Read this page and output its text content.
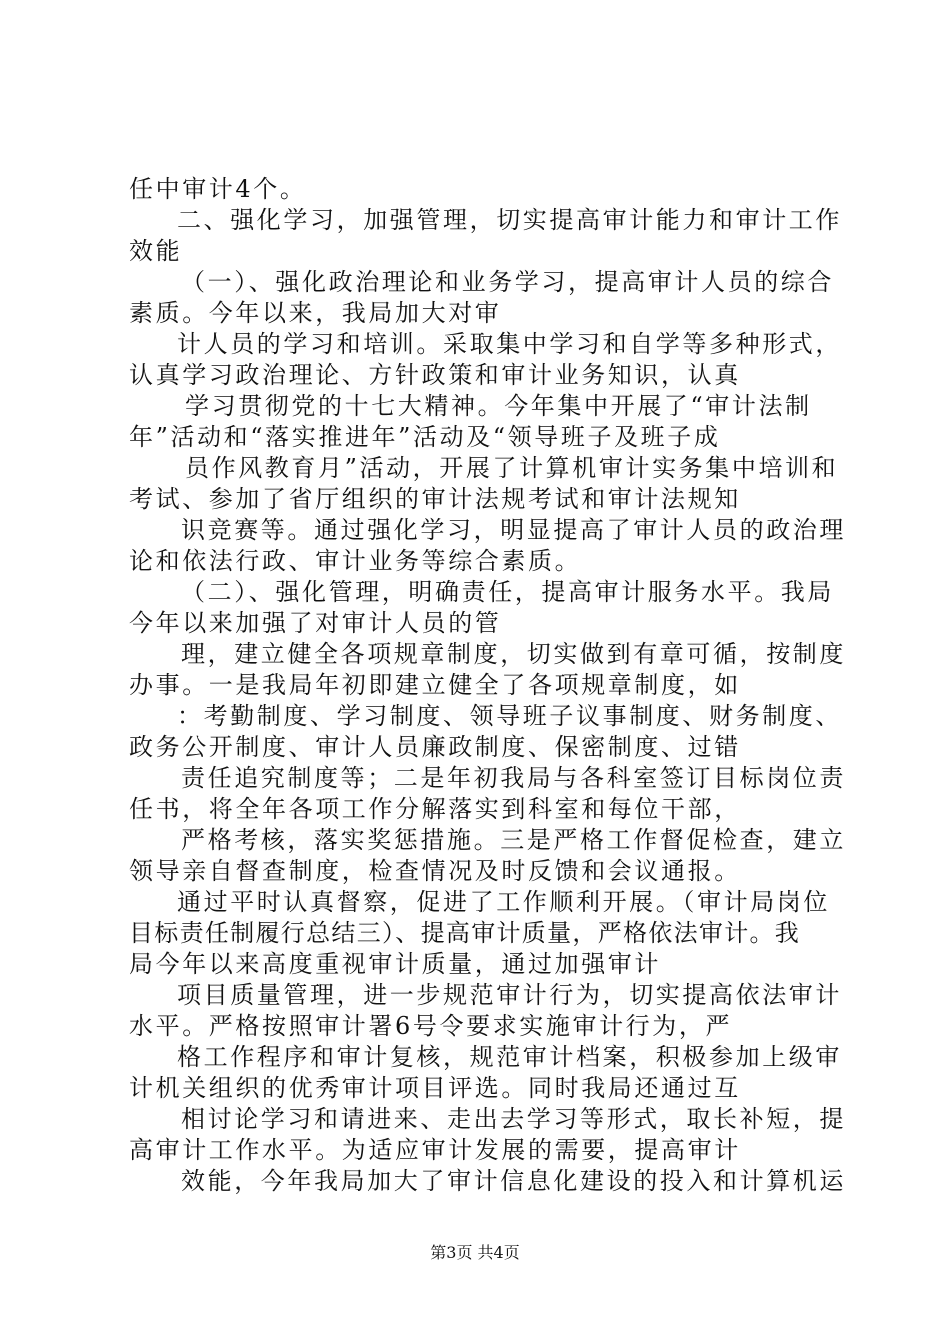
任中审计4个。
二、强化学习，加强管理，切实提高审计能力和审计工作
效能
（一）、强化政治理论和业务学习，提高审计人员的综合
素质。今年以来，我局加大对审
计人员的学习和培训。采取集中学习和自学等多种形式，
认真学习政治理论、方针政策和审计业务知识，认真
学习贯彻党的十七大精神。今年集中开展了“审计法制
年”活动和“落实推进年”活动及“领导班子及班子成
员作风教育月”活动，开展了计算机审计实务集中培训和
考试、参加了省厅组织的审计法规考试和审计法规知
识竞赛等。通过强化学习，明显提高了审计人员的政治理
论和依法行政、审计业务等综合素质。
（二）、强化管理，明确责任，提高审计服务水平。我局
今年以来加强了对审计人员的管
理，建立健全各项规章制度，切实做到有章可循，按制度
办事。一是我局年初即建立健全了各项规章制度，如
：考勤制度、学习制度、领导班子议事制度、财务制度、
政务公开制度、审计人员廉政制度、保密制度、过错
责任追究制度等；二是年初我局与各科室签订目标岗位责
任书，将全年各项工作分解落实到科室和每位干部，
严格考核，落实奖惩措施。三是严格工作督促检查，建立
领导亲自督查制度，检查情况及时反馈和会议通报。
通过平时认真督察，促进了工作顺利开展。（审计局岗位
目标责任制履行总结三）、提高审计质量，严格依法审计。我
局今年以来高度重视审计质量，通过加强审计
项目质量管理，进一步规范审计行为，切实提高依法审计
水平。严格按照审计署6号令要求实施审计行为，严
格工作程序和审计复核，规范审计档案，积极参加上级审
计机关组织的优秀审计项目评选。同时我局还通过互
相讨论学习和请进来、走出去学习等形式，取长补短，提
高审计工作水平。为适应审计发展的需要，提高审计
效能，今年我局加大了审计信息化建设的投入和计算机运
第3页 共4页
